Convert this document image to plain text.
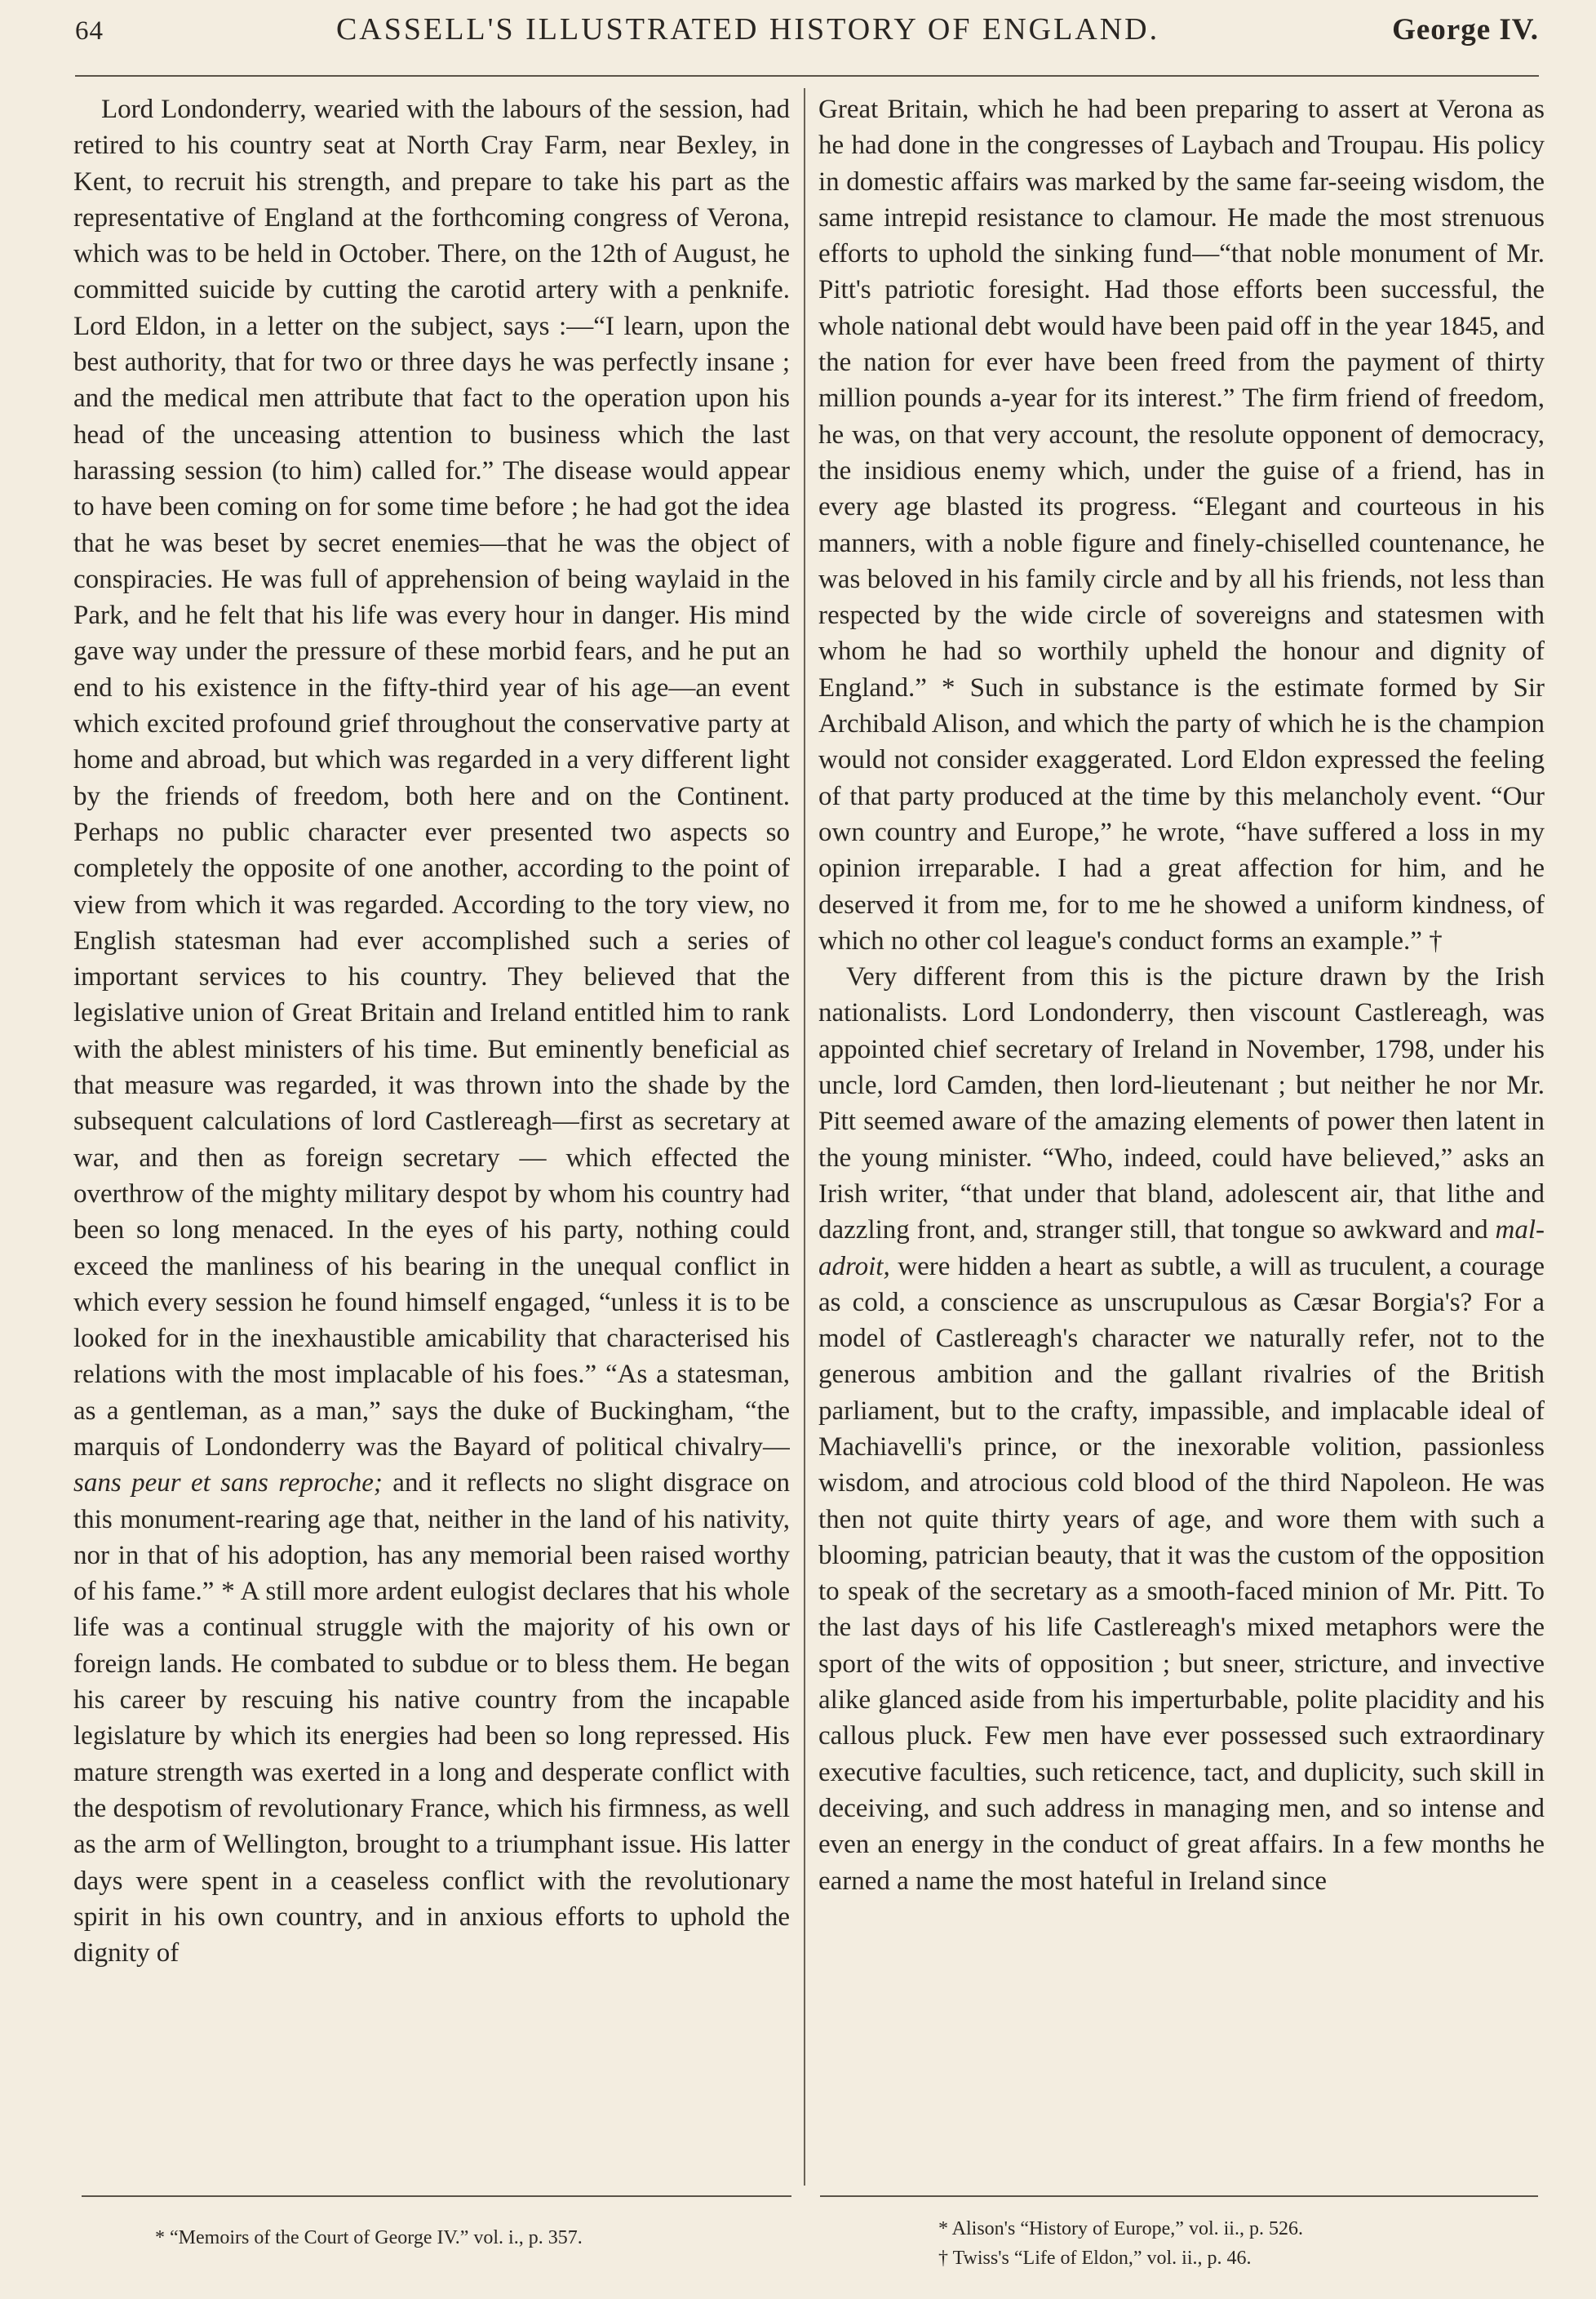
64	CASSELL'S ILLUSTRATED HISTORY OF ENGLAND.	George IV.

Lord Londonderry, wearied with the labours of the session, had retired to his country seat at North Cray Farm, near Bexley, in Kent, to recruit his strength, and prepare to take his part as the representative of England at the forthcoming congress of Verona, which was to be held in October. There, on the 12th of August, he committed suicide by cutting the carotid artery with a penknife. Lord Eldon, in a letter on the subject, says :—“I learn, upon the best authority, that for two or three days he was perfectly insane ; and the medical men attribute that fact to the operation upon his head of the unceasing attention to business which the last harassing session (to him) called for.” The disease would appear to have been coming on for some time before ; he had got the idea that he was beset by secret enemies—that he was the object of conspiracies. He was full of apprehension of being waylaid in the Park, and he felt that his life was every hour in danger. His mind gave way under the pressure of these morbid fears, and he put an end to his existence in the fifty-third year of his age—an event which excited profound grief throughout the conservative party at home and abroad, but which was regarded in a very different light by the friends of freedom, both here and on the Continent. Perhaps no public character ever presented two aspects so completely the opposite of one another, according to the point of view from which it was regarded. According to the tory view, no English statesman had ever accomplished such a series of important services to his country. They believed that the legislative union of Great Britain and Ireland entitled him to rank with the ablest ministers of his time. But eminently beneficial as that measure was regarded, it was thrown into the shade by the subsequent calculations of lord Castlereagh—first as secretary at war, and then as foreign secretary — which effected the overthrow of the mighty military despot by whom his country had been so long menaced. In the eyes of his party, nothing could exceed the manliness of his bearing in the unequal conflict in which every session he found himself engaged, “unless it is to be looked for in the inexhaustible amicability that characterised his relations with the most implacable of his foes.” “As a statesman, as a gentleman, as a man,” says the duke of Buckingham, “the marquis of Londonderry was the Bayard of political chivalry—sans peur et sans reproche; and it reflects no slight disgrace on this monument-rearing age that, neither in the land of his nativity, nor in that of his adoption, has any memorial been raised worthy of his fame.” * A still more ardent eulogist declares that his whole life was a continual struggle with the majority of his own or foreign lands. He combated to subdue or to bless them. He began his career by rescuing his native country from the incapable legislature by which its energies had been so long repressed. His mature strength was exerted in a long and desperate conflict with the despotism of revolutionary France, which his firmness, as well as the arm of Wellington, brought to a triumphant issue. His latter days were spent in a ceaseless conflict with the revolutionary spirit in his own country, and in anxious efforts to uphold the dignity of

Great Britain, which he had been preparing to assert at Verona as he had done in the congresses of Laybach and Troupau. His policy in domestic affairs was marked by the same far-seeing wisdom, the same intrepid resistance to clamour. He made the most strenuous efforts to uphold the sinking fund—“that noble monument of Mr. Pitt's patriotic foresight. Had those efforts been successful, the whole national debt would have been paid off in the year 1845, and the nation for ever have been freed from the payment of thirty million pounds a-year for its interest.” The firm friend of freedom, he was, on that very account, the resolute opponent of democracy, the insidious enemy which, under the guise of a friend, has in every age blasted its progress. “Elegant and courteous in his manners, with a noble figure and finely-chiselled countenance, he was beloved in his family circle and by all his friends, not less than respected by the wide circle of sovereigns and statesmen with whom he had so worthily upheld the honour and dignity of England.” * Such in substance is the estimate formed by Sir Archibald Alison, and which the party of which he is the champion would not consider exaggerated. Lord Eldon expressed the feeling of that party produced at the time by this melancholy event. “Our own country and Europe,” he wrote, “have suffered a loss in my opinion irreparable. I had a great affection for him, and he deserved it from me, for to me he showed a uniform kindness, of which no other col league's conduct forms an example.” †

Very different from this is the picture drawn by the Irish nationalists. Lord Londonderry, then viscount Castlereagh, was appointed chief secretary of Ireland in November, 1798, under his uncle, lord Camden, then lord-lieutenant ; but neither he nor Mr. Pitt seemed aware of the amazing elements of power then latent in the young minister. “Who, indeed, could have believed,” asks an Irish writer, “that under that bland, adolescent air, that lithe and dazzling front, and, stranger still, that tongue so awkward and mal-adroit, were hidden a heart as subtle, a will as truculent, a courage as cold, a conscience as unscrupulous as Cæsar Borgia's? For a model of Castlereagh's character we naturally refer, not to the generous ambition and the gallant rivalries of the British parliament, but to the crafty, impassible, and implacable ideal of Machiavelli's prince, or the inexorable volition, passionless wisdom, and atrocious cold blood of the third Napoleon. He was then not quite thirty years of age, and wore them with such a blooming, patrician beauty, that it was the custom of the opposition to speak of the secretary as a smooth-faced minion of Mr. Pitt. To the last days of his life Castlereagh's mixed metaphors were the sport of the wits of opposition ; but sneer, stricture, and invective alike glanced aside from his imperturbable, polite placidity and his callous pluck. Few men have ever possessed such extraordinary executive faculties, such reticence, tact, and duplicity, such skill in deceiving, and such address in managing men, and so intense and even an energy in the conduct of great affairs. In a few months he earned a name the most hateful in Ireland since

* “Memoirs of the Court of George IV.” vol. i., p. 357.	* Alison's “History of Europe,” vol. ii., p. 526.
† Twiss's “Life of Eldon,” vol. ii., p. 46.
